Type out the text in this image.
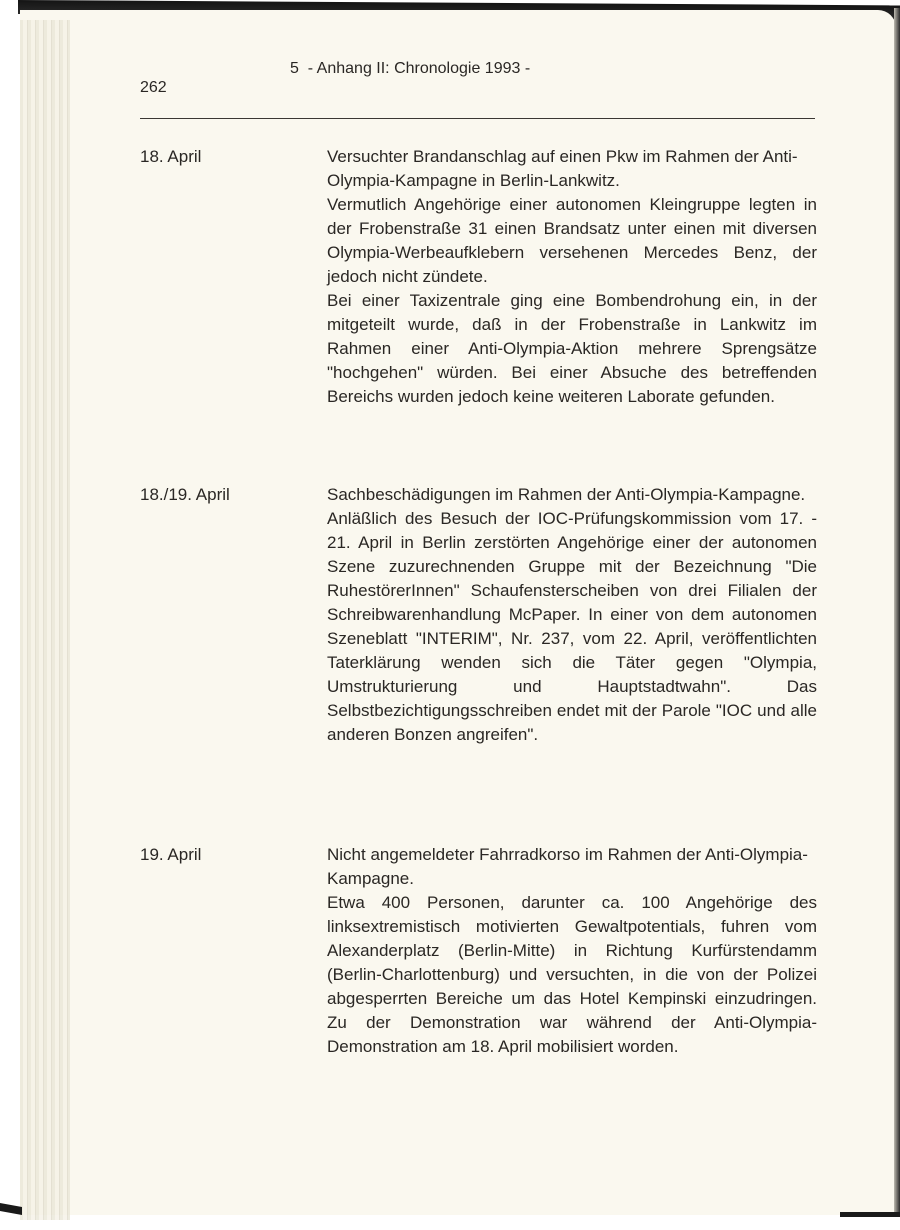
5  - Anhang II: Chronologie 1993 -
262
18. April	Versuchter Brandanschlag auf einen Pkw im Rahmen der Anti-Olympia-Kampagne in Berlin-Lankwitz.

Vermutlich Angehörige einer autonomen Kleingruppe legten in der Frobenstraße 31 einen Brandsatz unter einen mit diversen Olympia-Werbeaufklebern versehenen Mercedes Benz, der jedoch nicht zündete.

Bei einer Taxizentrale ging eine Bombendrohung ein, in der mitgeteilt wurde, daß in der Frobenstraße in Lankwitz im Rahmen einer Anti-Olympia-Aktion mehrere Sprengsätze "hochgehen" würden. Bei einer Absuche des betreffenden Bereichs wurden jedoch keine weiteren Laborate gefunden.

18./19. April	Sachbeschädigungen im Rahmen der Anti-Olympia-Kampagne.

Anläßlich des Besuch der IOC-Prüfungskommission vom 17. - 21. April in Berlin zerstörten Angehörige einer der autonomen Szene zuzurechnenden Gruppe mit der Bezeichnung "Die RuhestörerInnen" Schaufensterscheiben von drei Filialen der Schreibwarenhandlung McPaper. In einer von dem autonomen Szeneblatt "INTERIM", Nr. 237, vom 22. April, veröffentlichten Taterklärung wenden sich die Täter gegen "Olympia, Umstrukturierung und Hauptstadtwahn". Das Selbstbezichtigungsschreiben endet mit der Parole "IOC und alle anderen Bonzen angreifen".

19. April	Nicht angemeldeter Fahrradkorso im Rahmen der Anti-Olympia-Kampagne.

Etwa 400 Personen, darunter ca. 100 Angehörige des linksextremistisch motivierten Gewaltpotentials, fuhren vom Alexanderplatz (Berlin-Mitte) in Richtung Kurfürstendamm (Berlin-Charlottenburg) und versuchten, in die von der Polizei abgesperrten Bereiche um das Hotel Kempinski einzudringen. Zu der Demonstration war während der Anti-Olympia-Demonstration am 18. April mobilisiert worden.
